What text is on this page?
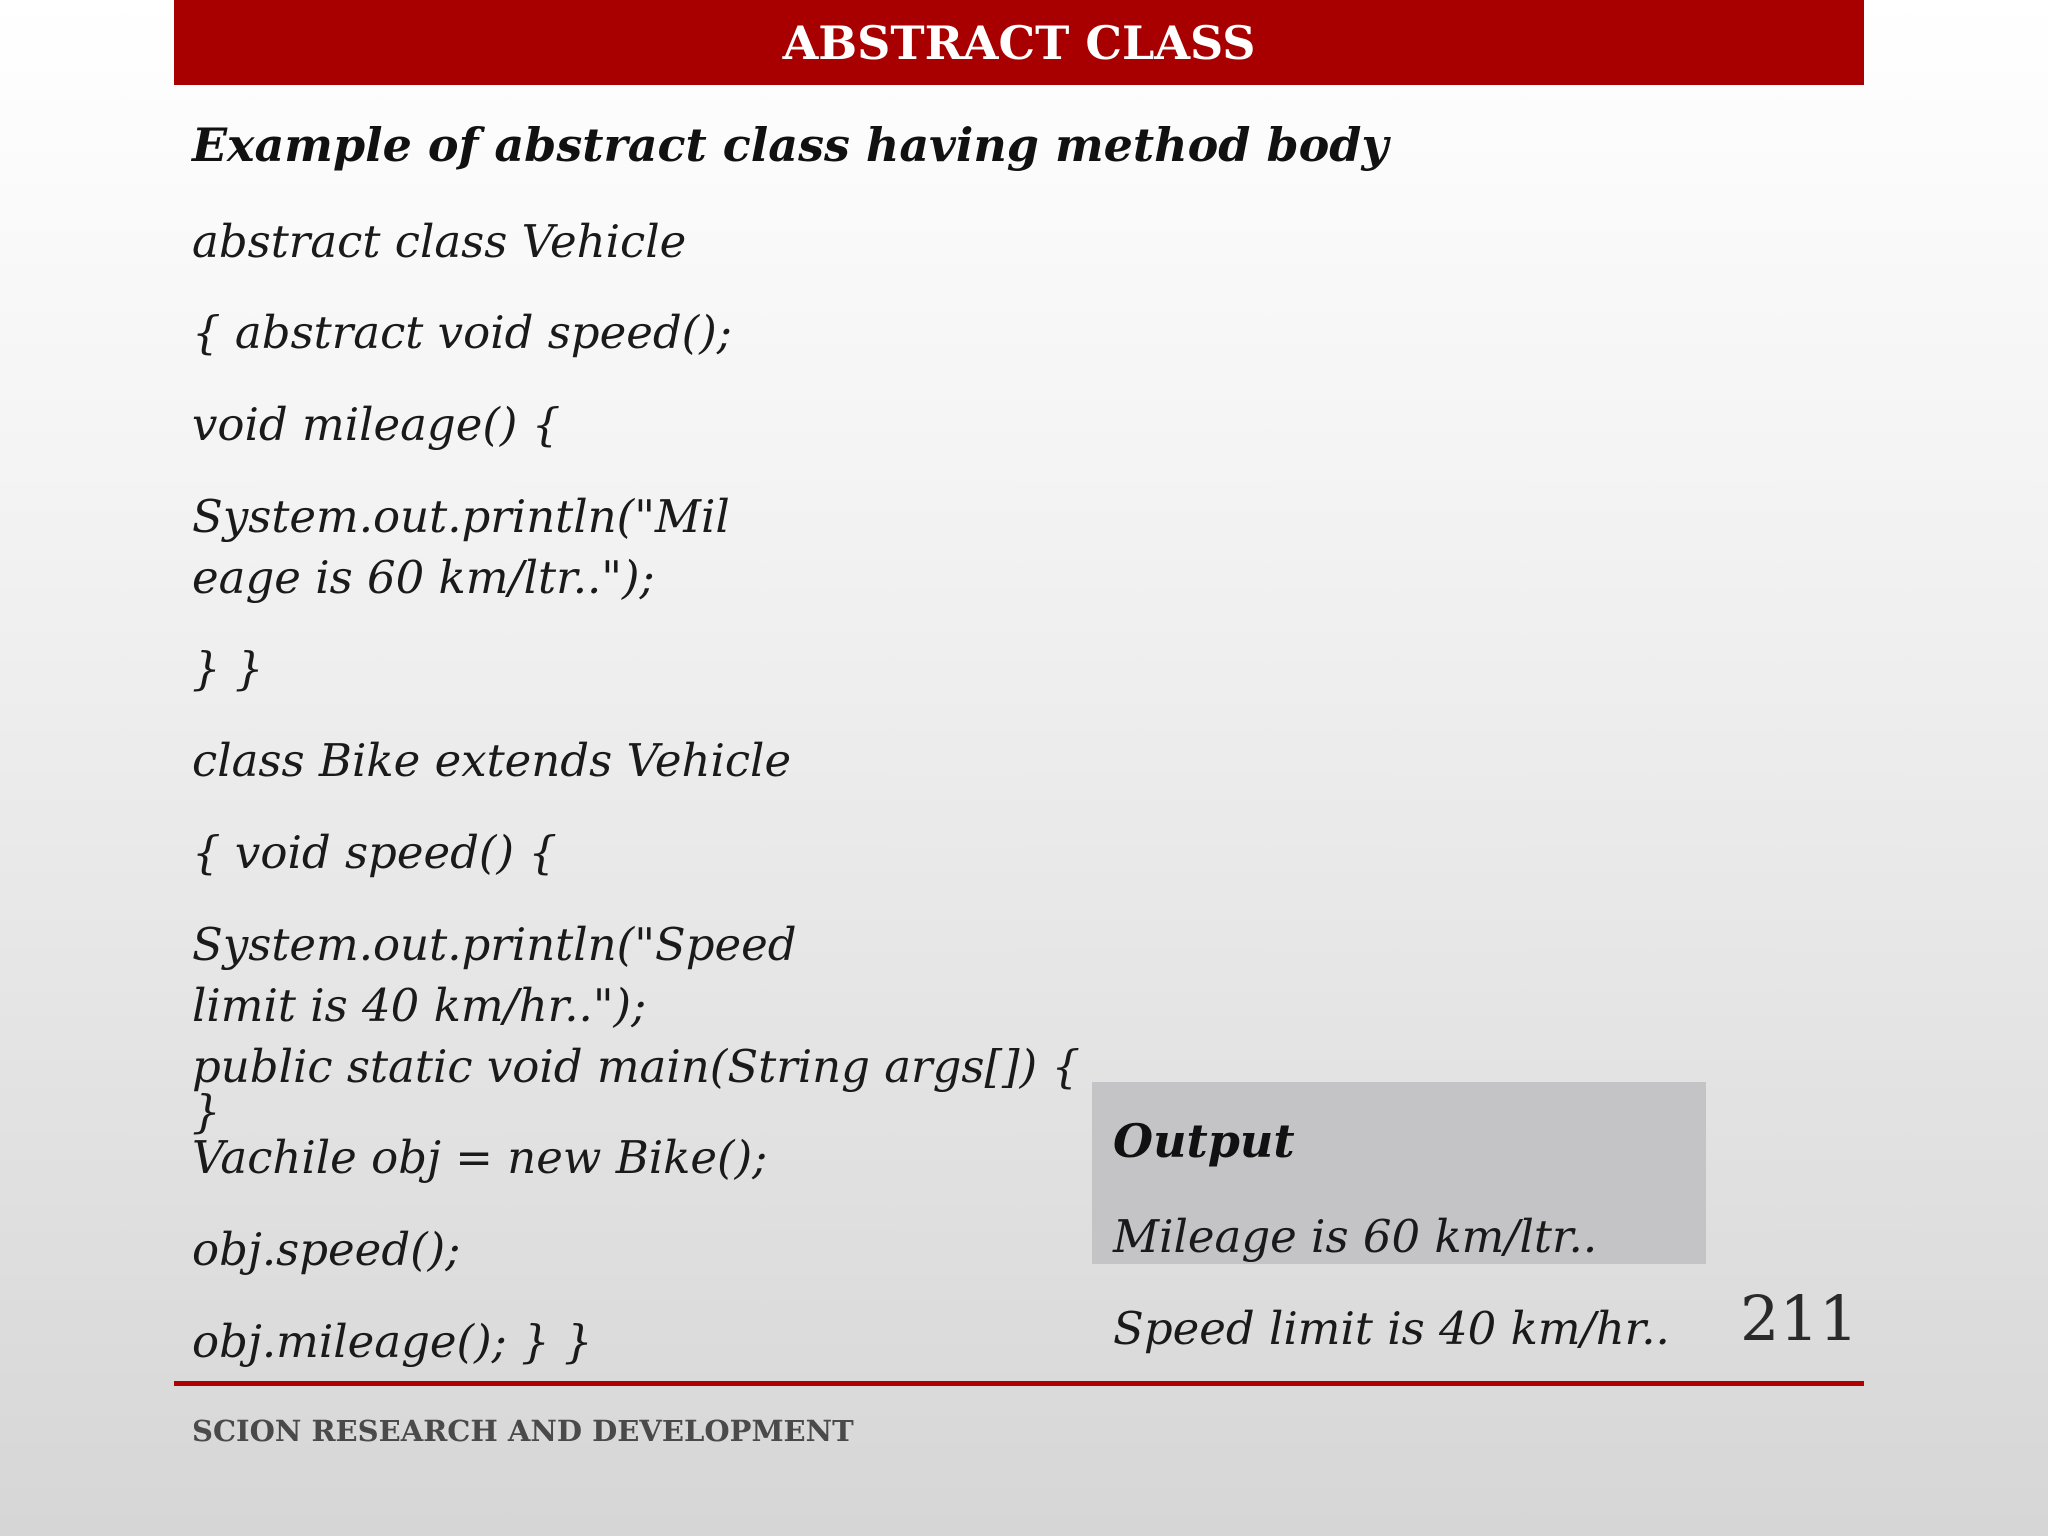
ABSTRACT CLASS
Example of abstract class having method body
abstract class Vehicle
{ abstract void speed();
void mileage() {
System.out.println("Mil
eage is 60 km/ltr..");
} }
class Bike extends Vehicle
{ void speed() {
System.out.println("Speed
limit is 40 km/hr..");
}
public static void main(String args[]) {
Vachile obj = new Bike();
obj.speed();
obj.mileage(); } }
Output
Mileage is 60 km/ltr..
Speed limit is 40 km/hr.. 211
SCION RESEARCH AND DEVELOPMENT
